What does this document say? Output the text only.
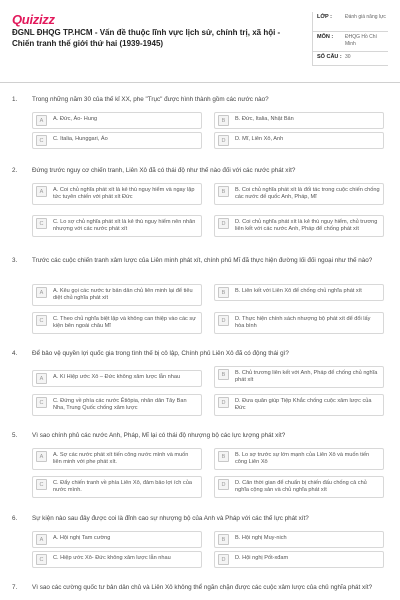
Quizizz
ĐGNL ĐHQG TP.HCM - Vấn đề thuộc lĩnh vực lịch sử, chính trị, xã hội - Chiến tranh thế giới thứ hai (1939-1945)
LỚP :	Đánh giá năng lực
MÔN :	ĐHQG Hồ Chí Minh
SỐ CÂU : 30
1.	Trong những năm 30 của thế kỉ XX, phe "Trục" được hình thành gồm các nước nào?
A	A. Đức, Áo- Hung	B	B. Đức, Italia, Nhật Bản
C	C. Italia, Hunggari, Áo	D	D. Mĩ, Liên Xô, Anh
2.	Đứng trước nguy cơ chiến tranh, Liên Xô đã có thái độ như thế nào đối với các nước phát xít?
A	A. Coi chủ nghĩa phát xít là kẻ thù nguy hiểm và ngay lập tức tuyên chiến với phát xít Đức
B	B. Coi chủ nghĩa phát xít là đối tác trong cuộc chiến chống các nước đế quốc Anh, Pháp, Mĩ
C	C. Lo sợ chủ nghĩa phát xít là kẻ thù nguy hiểm nên nhân nhượng với các nước phát xít
D	D. Coi chủ nghĩa phát xít là kẻ thù nguy hiểm, chủ trương liên kết với các nước Anh, Pháp để chống phát xít
3.	Trước các cuộc chiến tranh xâm lược của Liên minh phát xít, chính phủ Mĩ đã thực hiện đường lối đối ngoại như thế nào?
A	A. Kêu gọi các nước tư bản dân chủ liên minh lại để tiêu diệt chủ nghĩa phát xít
B	B. Liên kết với Liên Xô để chống chủ nghĩa phát xít
C	C. Theo chủ nghĩa biệt lập và không can thiệp vào các sự kiện bên ngoài châu Mĩ
D	D. Thực hiện chính sách nhượng bộ phát xít để đổi lấy hòa bình
4.	Để bảo vệ quyền lợi quốc gia trong tình thế bị cô lập, Chính phủ Liên Xô đã có động thái gì?
A	A. Kí Hiệp ước Xô – Đức không xâm lược lẫn nhau	B	B. Chủ trương liên kết với Anh, Pháp để chống chủ nghĩa phát xít
C	C. Đứng về phía các nước Êtiôpia, nhân dân Tây Ban Nha, Trung Quốc chống xâm lược
D	D. Đưa quân giúp Tiệp Khắc chống cuộc xâm lược của Đức
5.	Vì sao chính phủ các nước Anh, Pháp, Mĩ lại có thái độ nhượng bộ các lực lượng phát xít?
A	A. Sợ các nước phát xít tiến công nước mình và muốn liên minh với phe phát xít.
B	B. Lo sợ trước sự lớn mạnh của Liên Xô và muốn tiến công Liên Xô
C	C. Đẩy chiến tranh về phía Liên Xô, đảm bảo lợi ích của nước mình.
D	D. Căn thời gian để chuẩn bị chiến đấu chống cả chủ nghĩa cộng sản và chủ nghĩa phát xít
6.	Sự kiện nào sau đây được coi là đỉnh cao sự nhượng bộ của Anh và Pháp với các thế lực phát xít?
A	A. Hội nghị Tam cường	B	B. Hội nghị Muy-nich
C	C. Hiệp ước Xô- Đức không xâm lược lẫn nhau	D	D. Hội nghị Pốt-xđam
7.	Vì sao các cường quốc tư bản dân chủ và Liên Xô không thể ngăn chặn được các cuộc xâm lược của chủ nghĩa phát xít?
